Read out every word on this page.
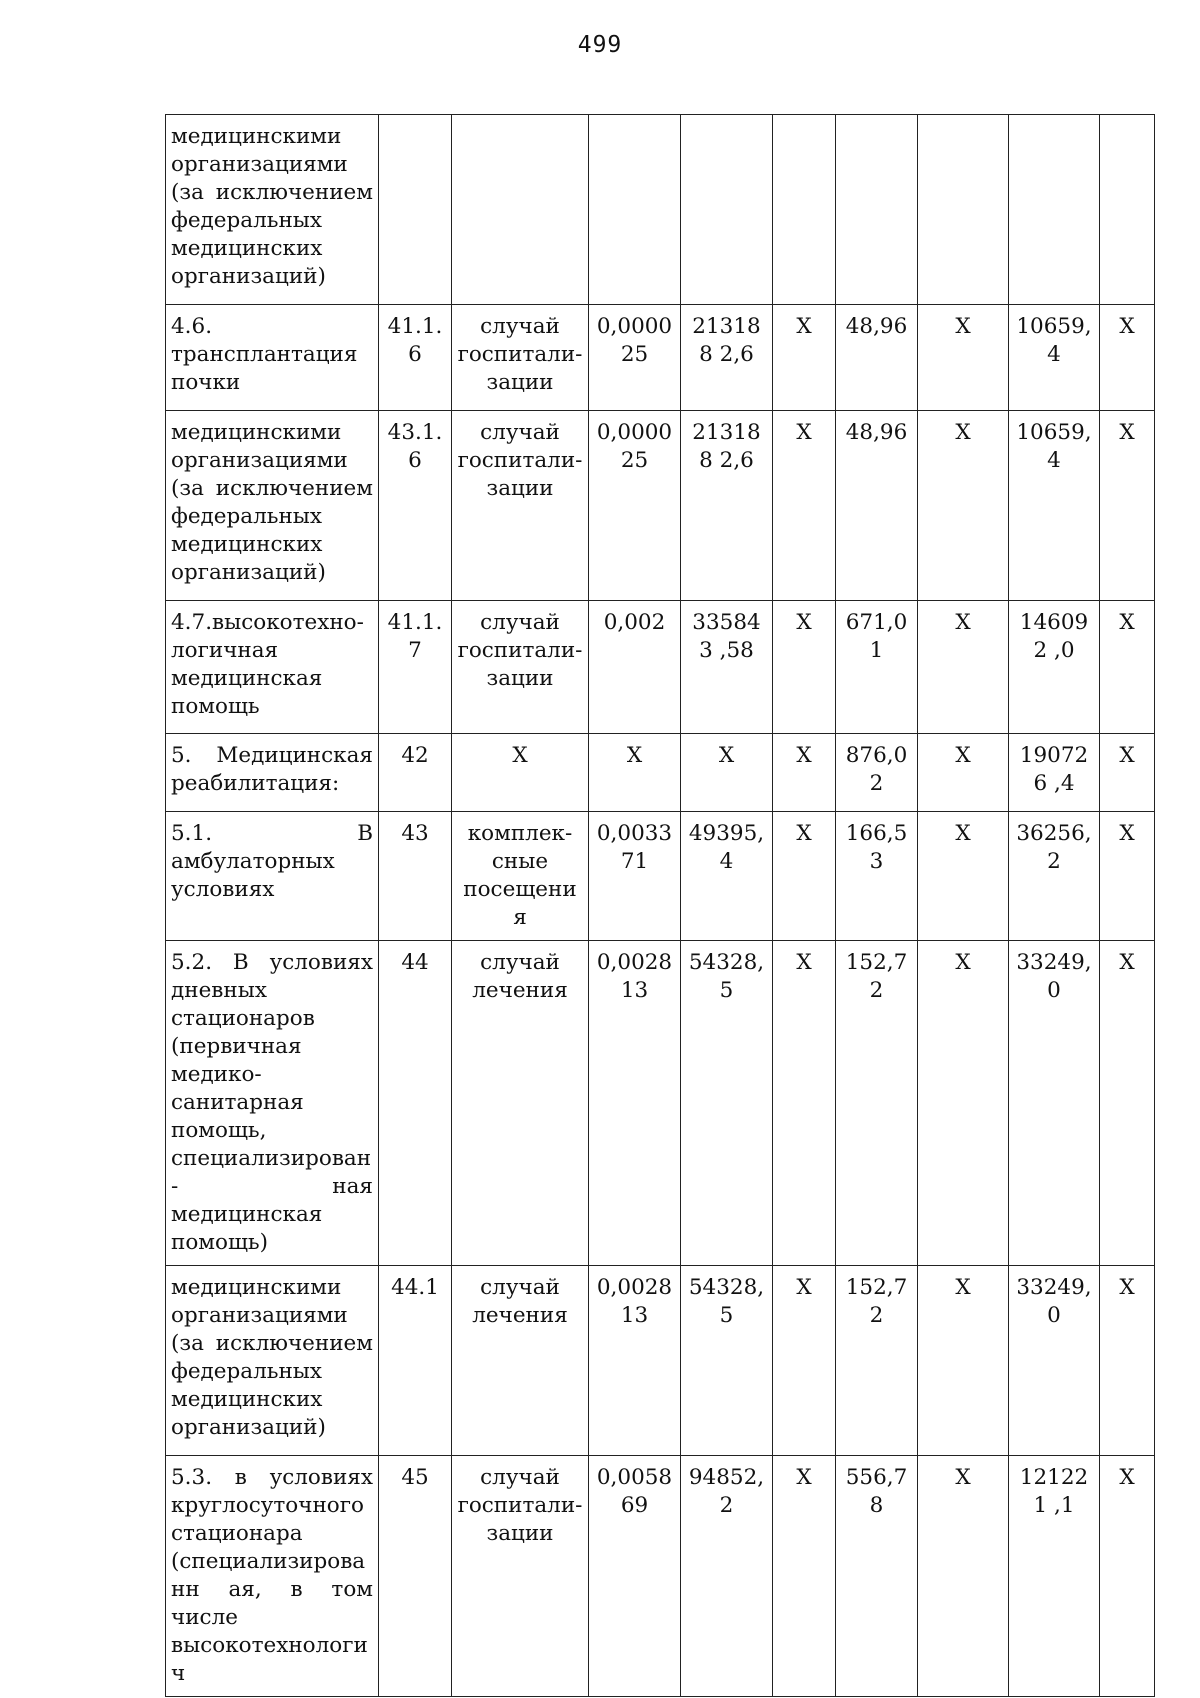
499
медицинскими организациями (за исключением федеральных медицинских организаций)									
4.6. трансплантация почки	41.1. 6	случай госпитали- зации	0,0000 25	213188 2,6	X	48,96	X	10659, 4	X
медицинскими организациями (за исключением федеральных медицинских организаций)	43.1. 6	случай госпитали- зации	0,0000 25	213188 2,6	X	48,96	X	10659, 4	X
4.7.высокотехно- логичная медицинская помощь	41.1. 7	случай госпитали- зации	0,002	335843 ,58	X	671,01	X	146092 ,0	X
5. Медицинская реабилитация:	42	X	X	X	X	876,02	X	190726 ,4	X
5.1. В амбулаторных условиях	43	комплек- сные посещения	0,0033 71	49395, 4	X	166,53	X	36256, 2	X
5.2. В условиях дневных стационаров (первичная медико-санитарная помощь, специализирован- ная медицинская помощь)	44	случай лечения	0,0028 13	54328, 5	X	152,72	X	33249, 0	X
медицинскими организациями (за исключением федеральных медицинских организаций)	44.1	случай лечения	0,0028 13	54328, 5	X	152,72	X	33249, 0	X
5.3. в условиях круглосуточного стационара (специализированн ая, в том числе высокотехнологич	45	случай госпитали- зации	0,0058 69	94852, 2	X	556,78	X	121221 ,1	X
